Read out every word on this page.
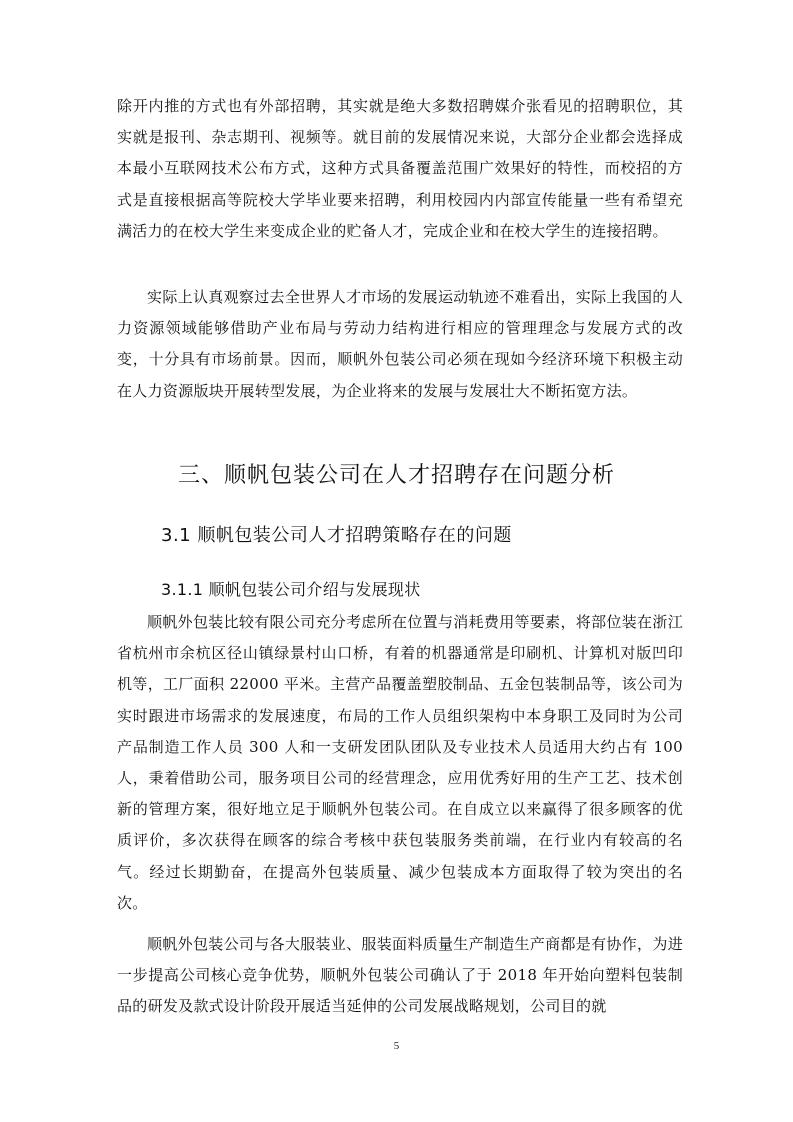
除开内推的方式也有外部招聘，其实就是绝大多数招聘媒介张看见的招聘职位，其实就是报刊、杂志期刊、视频等。就目前的发展情况来说，大部分企业都会选择成本最小互联网技术公布方式，这种方式具备覆盖范围广效果好的特性，而校招的方式是直接根据高等院校大学毕业要来招聘，利用校园内内部宣传能量一些有希望充满活力的在校大学生来变成企业的贮备人才，完成企业和在校大学生的连接招聘。

实际上认真观察过去全世界人才市场的发展运动轨迹不难看出，实际上我国的人力资源领域能够借助产业布局与劳动力结构进行相应的管理理念与发展方式的改变，十分具有市场前景。因而，顺帆外包装公司必须在现如今经济环境下积极主动在人力资源版块开展转型发展，为企业将来的发展与发展壮大不断拓宽方法。

三、顺帆包装公司在人才招聘存在问题分析
3.1 顺帆包装公司人才招聘策略存在的问题
3.1.1 顺帆包装公司介绍与发展现状

顺帆外包装比较有限公司充分考虑所在位置与消耗费用等要素，将部位装在浙江省杭州市余杭区径山镇绿景村山口桥，有着的机器通常是印刷机、计算机对版凹印机等，工厂面积 22000 平米。主营产品覆盖塑胶制品、五金包装制品等，该公司为实时跟进市场需求的发展速度，布局的工作人员组织架构中本身职工及同时为公司产品制造工作人员 300 人和一支研发团队团队及专业技术人员适用大约占有 100 人，秉着借助公司，服务项目公司的经营理念，应用优秀好用的生产工艺、技术创新的管理方案，很好地立足于顺帆外包装公司。在自成立以来赢得了很多顾客的优质评价，多次获得在顾客的综合考核中获包装服务类前端，在行业内有较高的名气。经过长期勤奋，在提高外包装质量、减少包装成本方面取得了较为突出的名次。

顺帆外包装公司与各大服装业、服装面料质量生产制造生产商都是有协作，为进一步提高公司核心竞争优势，顺帆外包装公司确认了于 2018 年开始向塑料包装制品的研发及款式设计阶段开展适当延伸的公司发展战略规划，公司目的就

5
